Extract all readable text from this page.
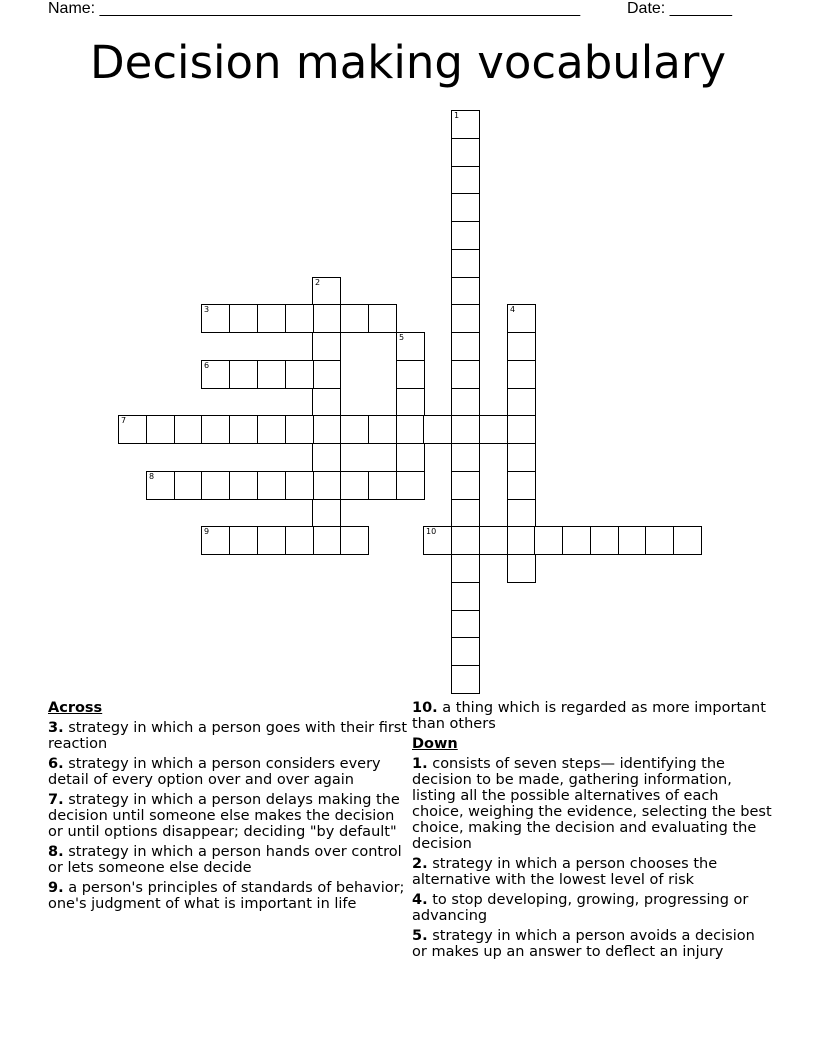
Name: ______________________________________________________	Date: _______
Decision making vocabulary
1
2
3	4
5
6
7
8
9	10
Across
3. strategy in which a person goes with their first reaction
6. strategy in which a person considers every detail of every option over and over again
7. strategy in which a person delays making the decision until someone else makes the decision or until options disappear; deciding "by default"
8. strategy in which a person hands over control or lets someone else decide
9. a person's principles of standards of behavior; one's judgment of what is important in life
10. a thing which is regarded as more important than others
Down
1. consists of seven steps— identifying the decision to be made, gathering information, listing all the possible alternatives of each choice, weighing the evidence, selecting the best choice, making the decision and evaluating the decision
2. strategy in which a person chooses the alternative with the lowest level of risk
4. to stop developing, growing, progressing or advancing
5. strategy in which a person avoids a decision or makes up an answer to deflect an injury
